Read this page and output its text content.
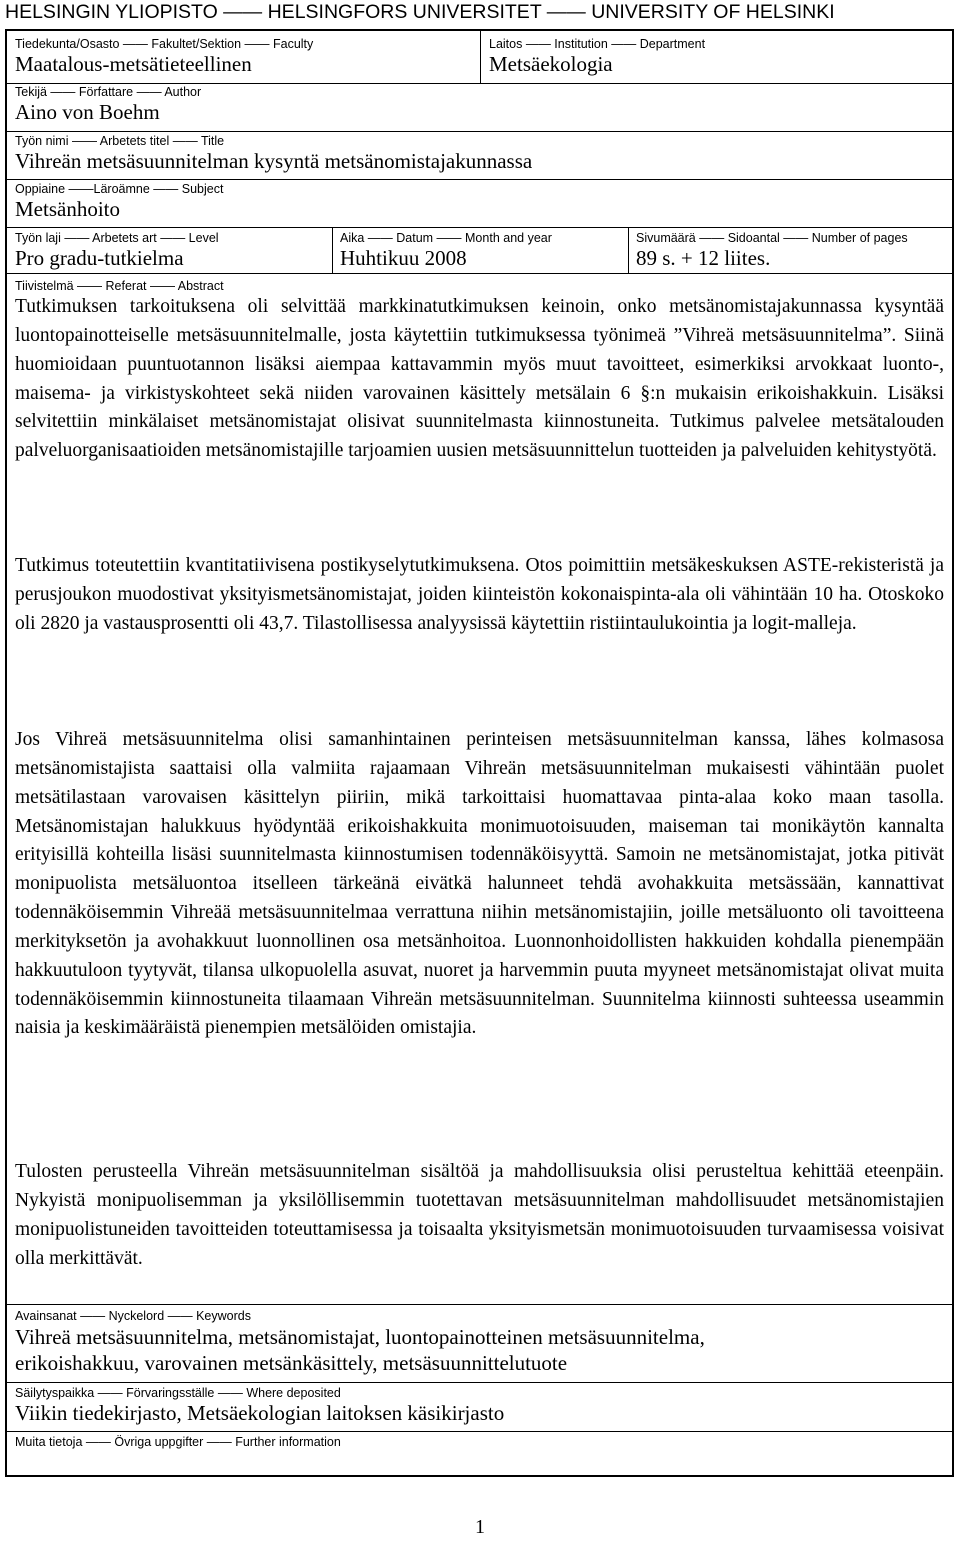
HELSINGIN YLIOPISTO —— HELSINGFORS UNIVERSITET —— UNIVERSITY OF HELSINKI
Tiedekunta/Osasto —— Fakultet/Sektion —— Faculty
Maatalous-metsätieteellinen
Laitos —— Institution —— Department
Metsäekologia
Tekijä —— Författare —— Author
Aino von Boehm
Työn nimi —— Arbetets titel —— Title
Vihreän metsäsuunnitelman kysyntä metsänomistajakunnassa
Oppiaine ——Läroämne —— Subject
Metsänhoito
Työn laji —— Arbetets art —— Level
Pro gradu-tutkielma
Aika —— Datum —— Month and year
Huhtikuu 2008
Sivumäärä —— Sidoantal —— Number of pages
89 s. + 12 liites.
Tiivistelmä —— Referat —— Abstract

Tutkimuksen tarkoituksena oli selvittää markkinatutkimuksen keinoin, onko metsänomistajakunnassa kysyntää luontopainotteiselle metsäsuunnitelmalle, josta käytettiin tutkimuksessa työnimeä ”Vihreä metsäsuunnitelma”. Siinä huomioidaan puuntuotannon lisäksi aiempaa kattavammin myös muut tavoitteet, esimerkiksi arvokkaat luonto-, maisema- ja virkistyskohteet sekä niiden varovainen käsittely metsälain 6 §:n mukaisin erikoishakkuin. Lisäksi selvitettiin minkälaiset metsänomistajat olisivat suunnitelmasta kiinnostuneita. Tutkimus palvelee metsätalouden palveluorganisaatioiden metsänomistajille tarjoamien uusien metsäsuunnittelun tuotteiden ja palveluiden kehitystyötä.

Tutkimus toteutettiin kvantitatiivisena postikyselytutkimuksena. Otos poimittiin metsäkeskuksen ASTE-rekisteristä ja perusjoukon muodostivat yksityismetsänomistajat, joiden kiinteistön kokonaispinta-ala oli vähintään 10 ha. Otoskoko oli 2820 ja vastausprosentti oli 43,7. Tilastollisessa analyysissä käytettiin ristiintaulukointia ja logit-malleja.

Jos Vihreä metsäsuunnitelma olisi samanhintainen perinteisen metsäsuunnitelman kanssa, lähes kolmasosa metsänomistajista saattaisi olla valmiita rajaamaan Vihreän metsäsuunnitelman mukaisesti vähintään puolet metsätilastaan varovaisen käsittelyn piiriin, mikä tarkoittaisi huomattavaa pinta-alaa koko maan tasolla. Metsänomistajan halukkuus hyödyntää erikoishakkuita monimuotoisuuden, maiseman tai monikäytön kannalta erityisillä kohteilla lisäsi suunnitelmasta kiinnostumisen todennäköisyyttä. Samoin ne metsänomistajat, jotka pitivät monipuolista metsäluontoa itselleen tärkeänä eivätkä halunneet tehdä avohakkuita metsässään, kannattivat todennäköisemmin Vihreää metsäsuunnitelmaa verrattuna niihin metsänomistajiin, joille metsäluonto oli tavoitteena merkityksetön ja avohakkuut luonnollinen osa metsänhoitoa. Luonnonhoidollisten hakkuiden kohdalla pienempään hakkuutuloon tyytyvät, tilansa ulkopuolella asuvat, nuoret ja harvemmin puuta myyneet metsänomistajat olivat muita todennäköisemmin kiinnostuneita tilaamaan Vihreän metsäsuunnitelman. Suunnitelma kiinnosti suhteessa useammin naisia ja keskimääräistä pienempien metsälöiden omistajia.

Tulosten perusteella Vihreän metsäsuunnitelman sisältöä ja mahdollisuuksia olisi perusteltua kehittää eteenpäin. Nykyistä monipuolisemman ja yksilöllisemmin tuotettavan metsäsuunnitelman mahdollisuudet metsänomistajien monipuolistuneiden tavoitteiden toteuttamisessa ja toisaalta yksityismetsän monimuotoisuuden turvaamisessa voisivat olla merkittävät.

Avainsanat —— Nyckelord —— Keywords

Vihreä metsäsuunnitelma, metsänomistajat, luontopainotteinen metsäsuunnitelma,

erikoishakkuu, varovainen metsänkäsittely, metsäsuunnittelutuote

Säilytyspaikka —— Förvaringsställe —— Where deposited
Viikin tiedekirjasto, Metsäekologian laitoksen käsikirjasto
Muita tietoja —— Övriga uppgifter —— Further information
1
